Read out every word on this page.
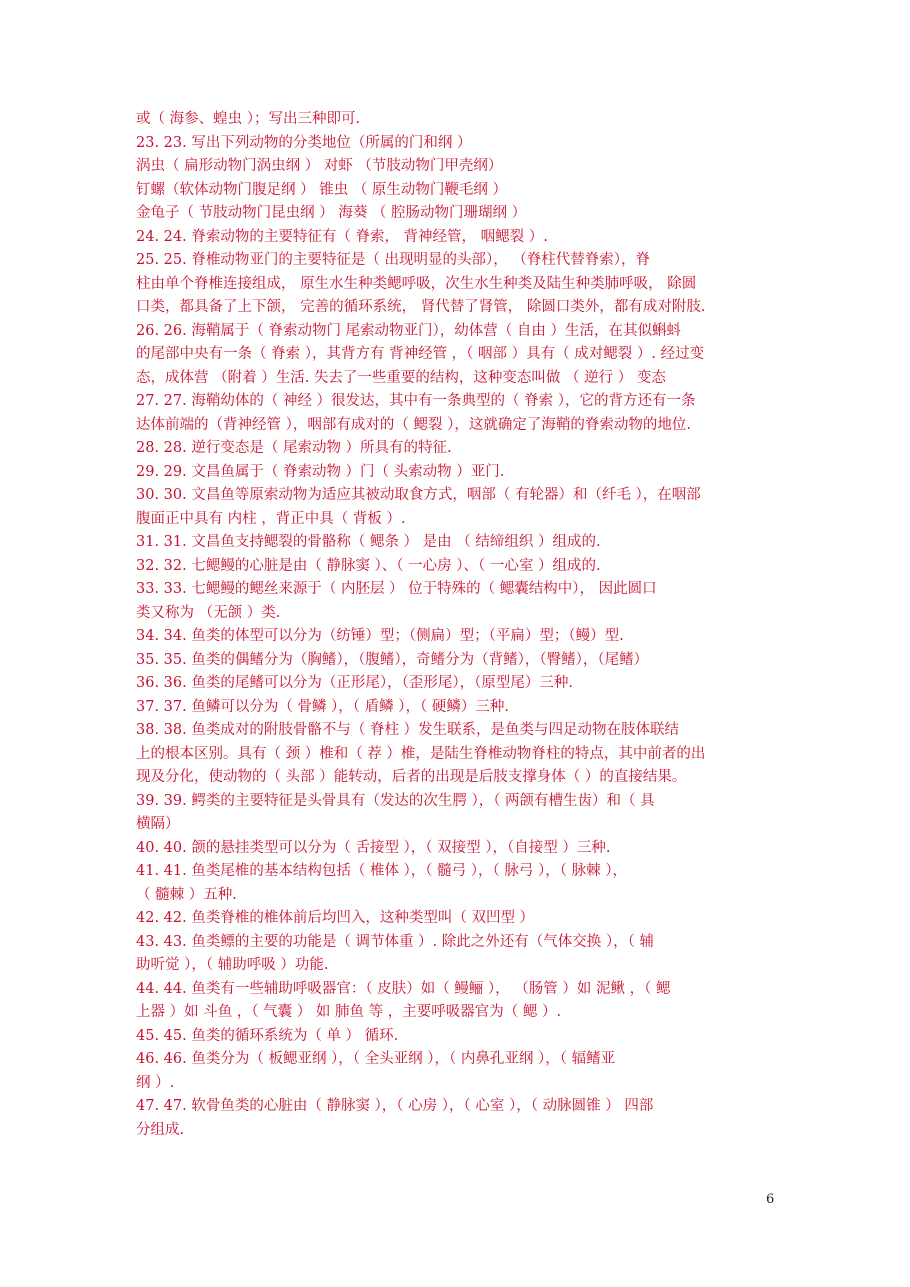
或（ 海参、蝗虫 ）；写出三种即可.
23. 23. 写出下列动物的分类地位（所属的门和纲 ）
涡虫（ 扁形动物门涡虫纲 ） 对虾 （节肢动物门甲壳纲）
钉螺（软体动物门腹足纲 ） 锥虫 （ 原生动物门鞭毛纲 ）
金龟子（ 节肢动物门昆虫纲 ） 海葵 （ 腔肠动物门珊瑚纲 ）
24. 24. 脊索动物的主要特征有（ 脊索， 背神经管， 咽鳃裂 ）.
25. 25. 脊椎动物亚门的主要特征是（ 出现明显的头部）， （脊柱代替脊索），脊
柱由单个脊椎连接组成， 原生水生种类鳃呼吸，次生水生种类及陆生种类肺呼吸， 除圆
口类，都具备了上下颌， 完善的循环系统， 肾代替了肾管， 除圆口类外，都有成对附肢.
26. 26. 海鞘属于（ 脊索动物门 尾索动物亚门），幼体营（ 自由 ）生活，在其似蝌蚪
的尾部中央有一条（ 脊索 ），其背方有 背神经管 ，（ 咽部 ）具有（ 成对鳃裂 ）. 经过变
态，成体营 （附着 ）生活. 失去了一些重要的结构，这种变态叫做 （ 逆行 ） 变态
27. 27. 海鞘幼体的（ 神经 ）很发达，其中有一条典型的（ 脊索 ），它的背方还有一条
达体前端的（背神经管 ），咽部有成对的（ 鳃裂 ），这就确定了海鞘的脊索动物的地位.
28. 28. 逆行变态是（ 尾索动物 ）所具有的特征.
29. 29. 文昌鱼属于（ 脊索动物 ）门（ 头索动物 ）亚门.
30. 30. 文昌鱼等原索动物为适应其被动取食方式，咽部（ 有轮器）和（纤毛 ），在咽部
腹面正中具有 内柱 ，背正中具（ 背板 ）.
31. 31. 文昌鱼支持鳃裂的骨骼称（ 鳃条 ） 是由 （ 结缔组织 ）组成的.
32. 32. 七鳃鳗的心脏是由（ 静脉窦 ）、（ 一心房 ）、（ 一心室 ）组成的.
33. 33. 七鳃鳗的鳃丝来源于（ 内胚层 ） 位于特殊的（ 鳃囊结构中）， 因此圆口
类又称为 （无颌 ）类.
34. 34. 鱼类的体型可以分为（纺锤）型；（侧扁）型；（平扁）型；（鳗）型.
35. 35. 鱼类的偶鳍分为（胸鳍），（腹鳍），奇鳍分为（背鳍），（臀鳍），（尾鳍）
36. 36. 鱼类的尾鳍可以分为（正形尾），（歪形尾），（原型尾）三种.
37. 37. 鱼鳞可以分为（ 骨鳞 ），（ 盾鳞 ），（ 硬鳞）三种.
38. 38. 鱼类成对的附肢骨骼不与（ 脊柱 ）发生联系，是鱼类与四足动物在肢体联结
上的根本区别。具有（ 颈 ）椎和（ 荐 ）椎，是陆生脊椎动物脊柱的特点，其中前者的出
现及分化，使动物的（ 头部 ）能转动，后者的出现是后肢支撑身体（ ）的直接结果。
39. 39. 鳄类的主要特征是头骨具有（发达的次生腭 ），（ 两颌有槽生齿）和（ 具
横隔）
40. 40. 颌的悬挂类型可以分为（ 舌接型 ），（ 双接型 ），（自接型 ）三种.
41. 41. 鱼类尾椎的基本结构包括（ 椎体 ），（ 髓弓 ），（ 脉弓 ），（ 脉棘 ），
（ 髓棘 ）五种.
42. 42. 鱼类脊椎的椎体前后均凹入，这种类型叫（ 双凹型 ）
43. 43. 鱼类鳔的主要的功能是（ 调节体重 ）. 除此之外还有（气体交换 ），（ 辅
助听觉 ），（ 辅助呼吸 ）功能.
44. 44. 鱼类有一些辅助呼吸器官：（ 皮肤）如（ 鳗鲡 ）， （肠管 ）如 泥鳅 ，（ 鳃
上器 ）如 斗鱼 ，（ 气囊 ） 如 肺鱼 等 ，主要呼吸器官为（ 鳃 ）.
45. 45. 鱼类的循环系统为（ 单 ） 循环.
46. 46. 鱼类分为（ 板鳃亚纲 ），（ 全头亚纲 ），（ 内鼻孔亚纲 ），（ 辐鳍亚
纲 ）.
47. 47. 软骨鱼类的心脏由（ 静脉窦 ），（ 心房 ），（ 心室 ），（ 动脉圆锥 ） 四部
分组成.
6
